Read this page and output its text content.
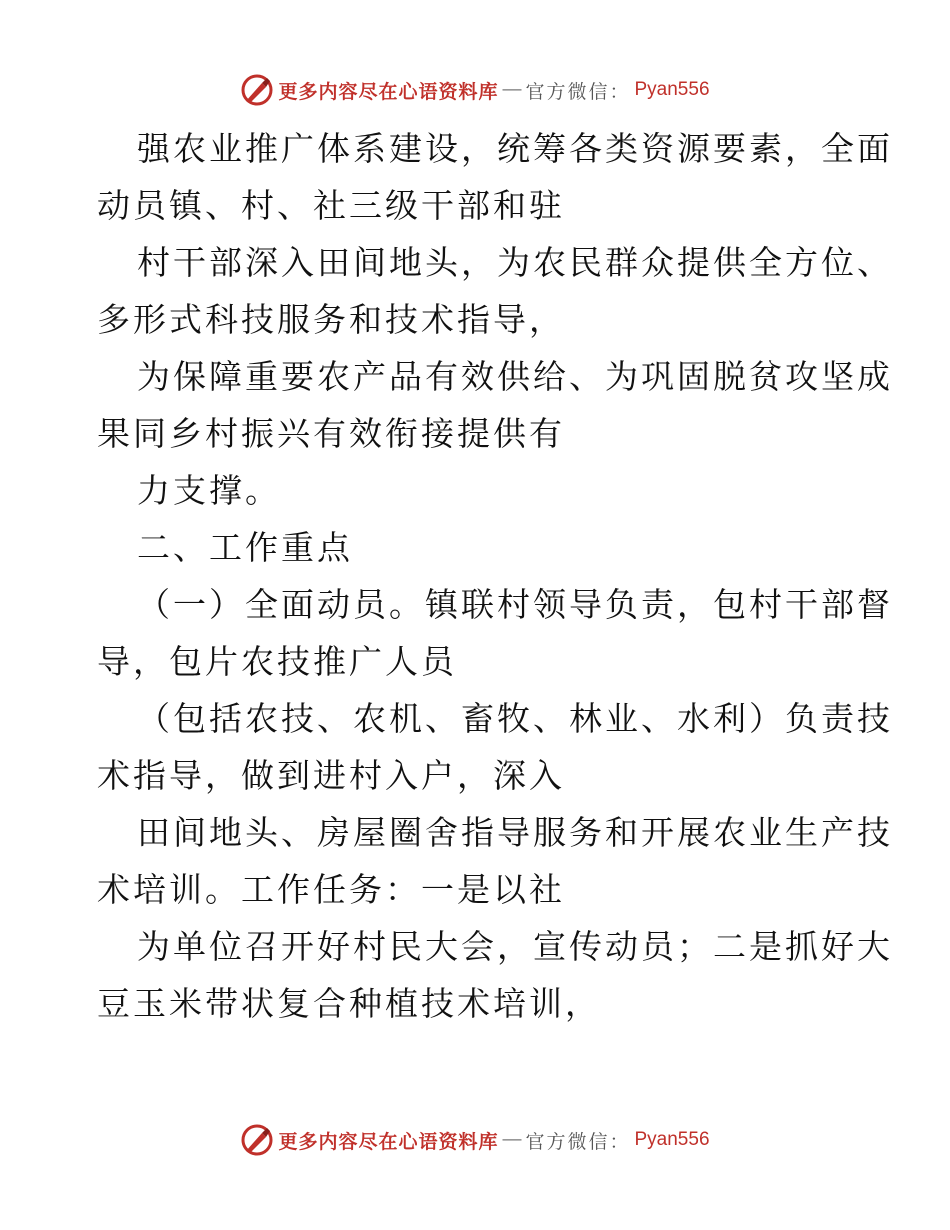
更多内容尽在心语资料库 — 官方微信： Pyan556
强农业推广体系建设，统筹各类资源要素，全面
动员镇、村、社三级干部和驻
村干部深入田间地头，为农民群众提供全方位、
多形式科技服务和技术指导，
为保障重要农产品有效供给、为巩固脱贫攻坚成
果同乡村振兴有效衔接提供有
力支撑。
二、工作重点
（一）全面动员。镇联村领导负责，包村干部督
导，包片农技推广人员
（包括农技、农机、畜牧、林业、水利）负责技
术指导，做到进村入户，深入
田间地头、房屋圈舍指导服务和开展农业生产技
术培训。工作任务：一是以社
为单位召开好村民大会，宣传动员；二是抓好大
豆玉米带状复合种植技术培训，
更多内容尽在心语资料库 — 官方微信： Pyan556
